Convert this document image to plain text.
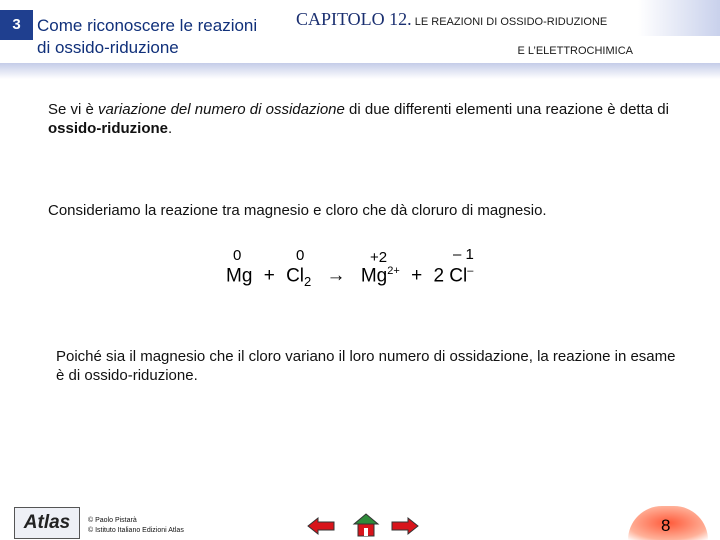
3 Come riconoscere le reazioni
di ossido-riduzione
CAPITOLO 12. LE REAZIONI DI OSSIDO-RIDUZIONE
E L’ELETTROCHIMICA
Se vi è variazione del numero di ossidazione di due differenti elementi una reazione è detta di ossido-riduzione.
Consideriamo la reazione tra magnesio e cloro che dà cloruro di magnesio.
0	0	+2	– 1
$Mg + Cl_2 \to Mg^{2+} + 2$ Cl–
Poiché sia il magnesio che il cloro variano il loro numero di ossidazione, la reazione in esame è di ossido-riduzione.
Atlas	© Paolo Pistarà
© Istituto Italiano Edizioni Atlas	8
